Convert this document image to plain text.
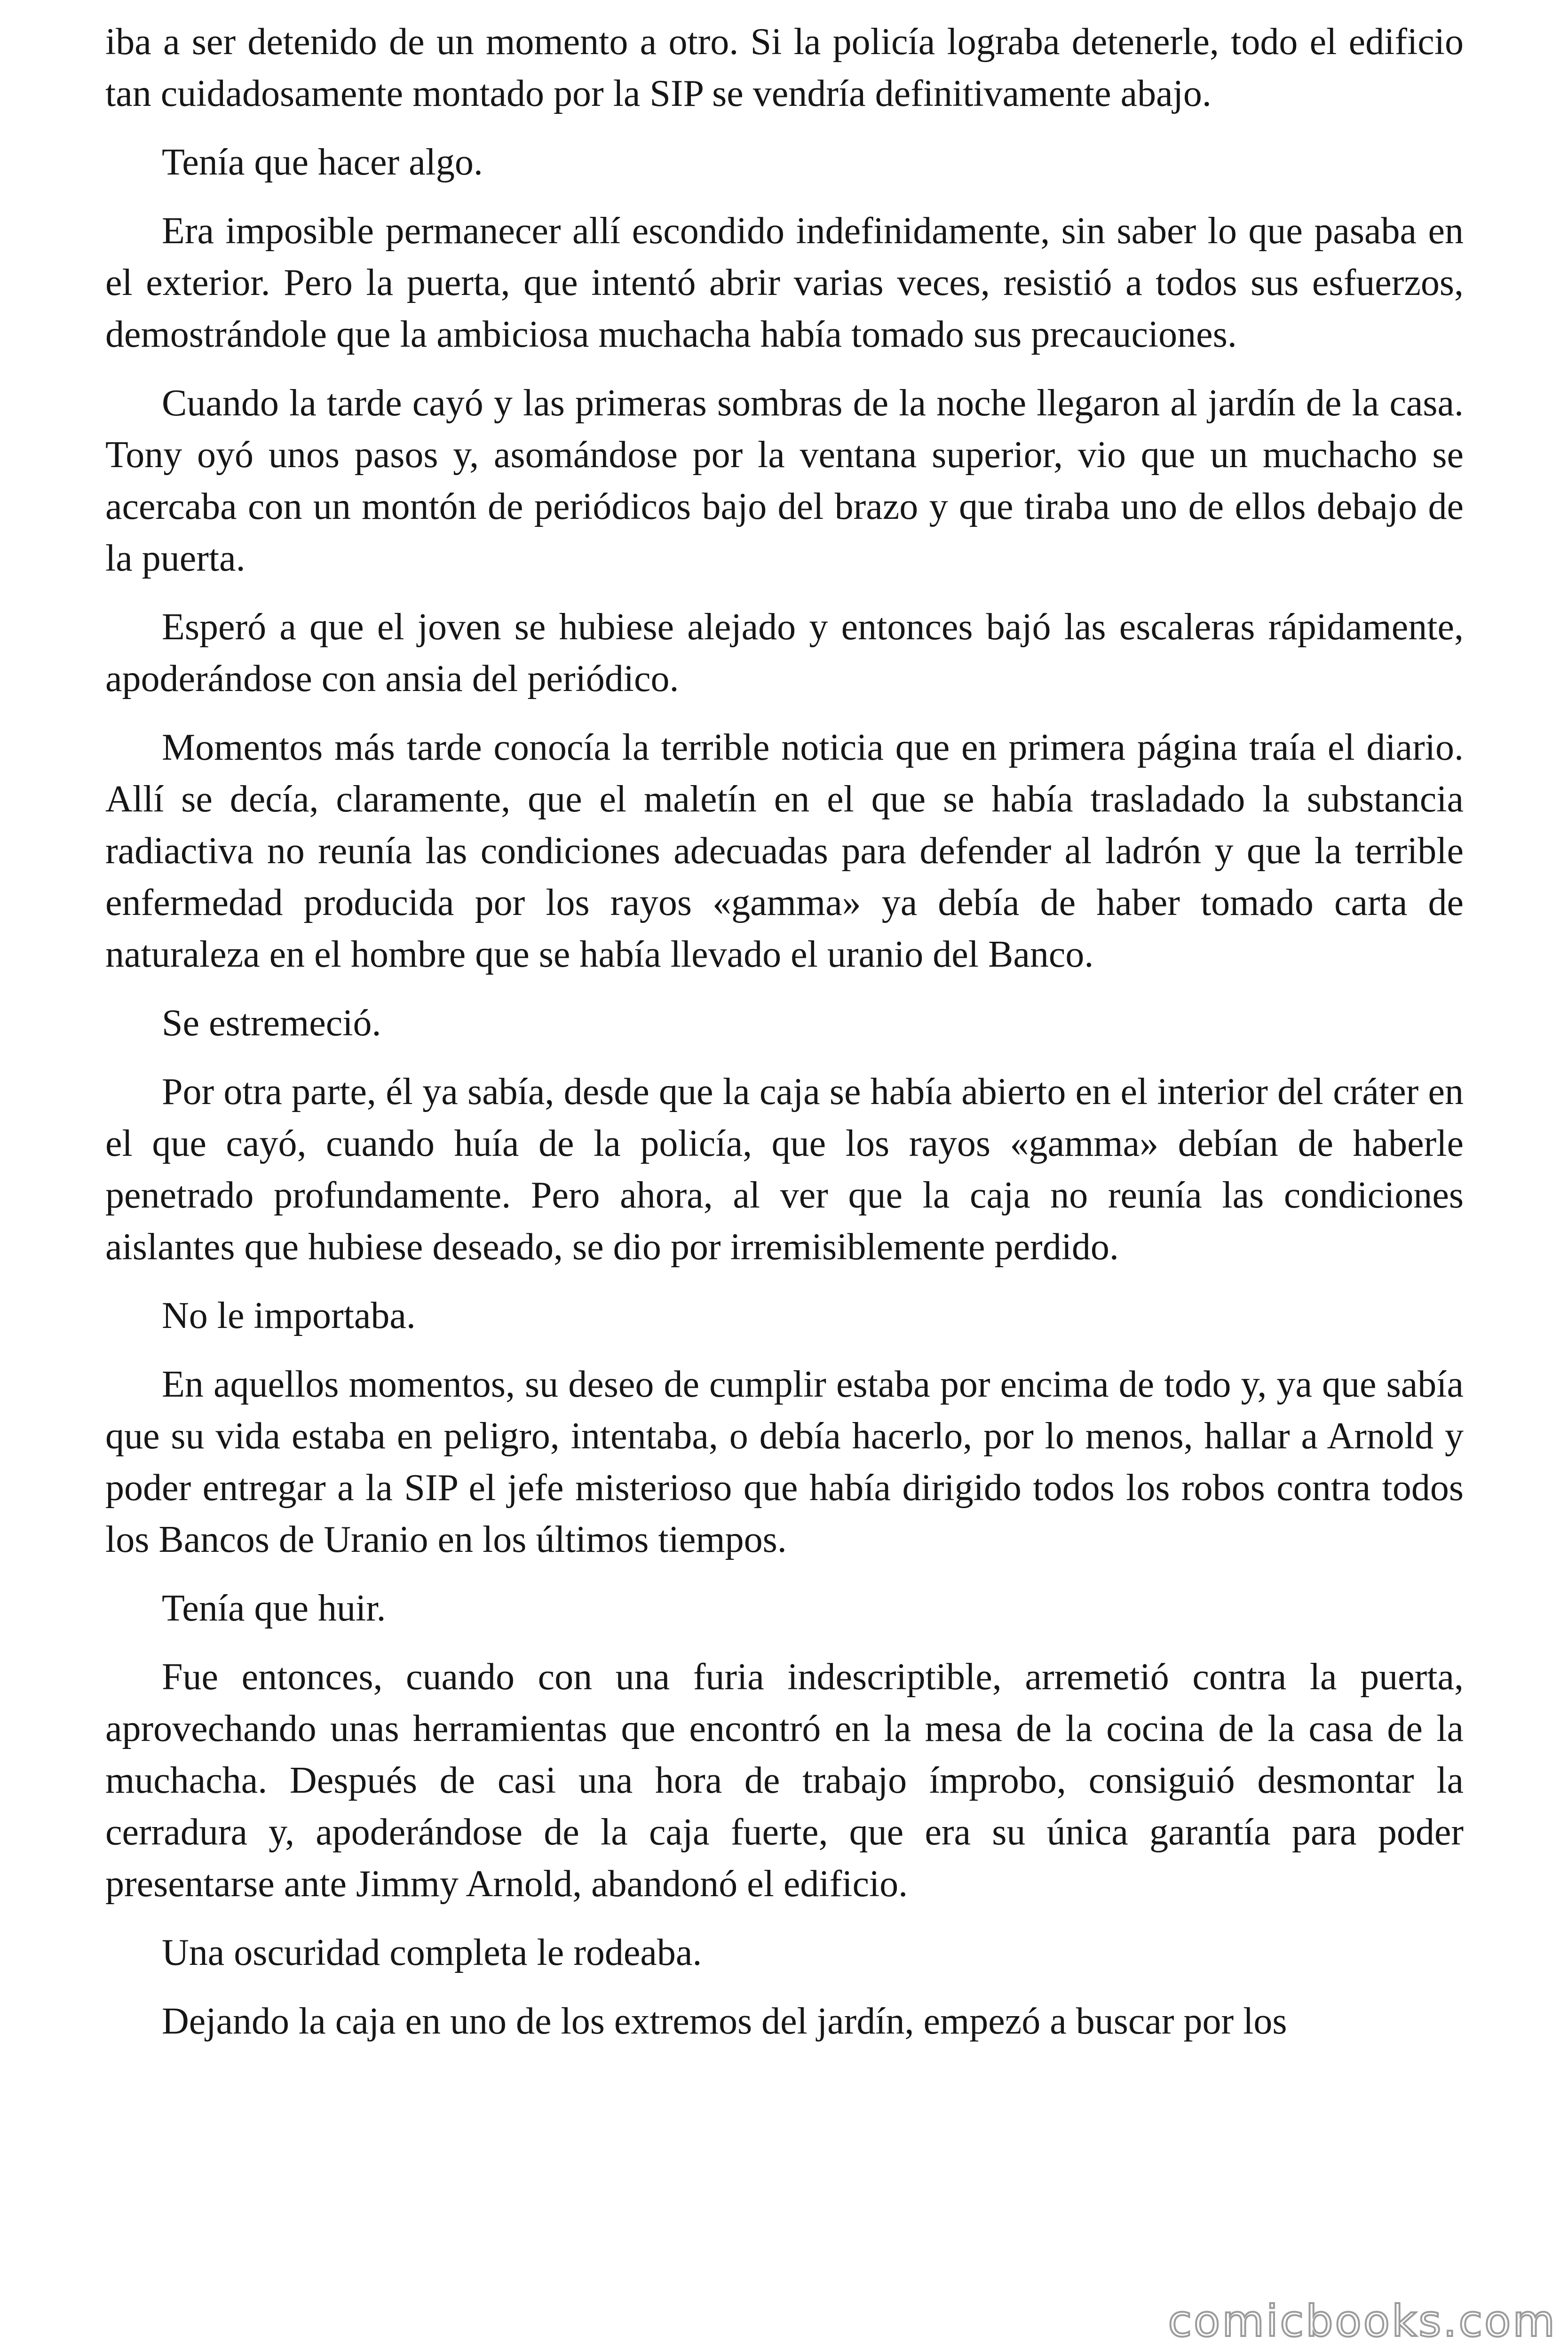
iba a ser detenido de un momento a otro. Si la policía lograba detenerle, todo el edificio tan cuidadosamente montado por la SIP se vendría definitivamente abajo.

Tenía que hacer algo.

Era imposible permanecer allí escondido indefinidamente, sin saber lo que pasaba en el exterior. Pero la puerta, que intentó abrir varias veces, resistió a todos sus esfuerzos, demostrándole que la ambiciosa muchacha había tomado sus precauciones.

Cuando la tarde cayó y las primeras sombras de la noche llegaron al jardín de la casa. Tony oyó unos pasos y, asomándose por la ventana superior, vio que un muchacho se acercaba con un montón de periódicos bajo del brazo y que tiraba uno de ellos debajo de la puerta.

Esperó a que el joven se hubiese alejado y entonces bajó las escaleras rápidamente, apoderándose con ansia del periódico.

Momentos más tarde conocía la terrible noticia que en primera página traía el diario. Allí se decía, claramente, que el maletín en el que se había trasladado la substancia radiactiva no reunía las condiciones adecuadas para defender al ladrón y que la terrible enfermedad producida por los rayos «gamma» ya debía de haber tomado carta de naturaleza en el hombre que se había llevado el uranio del Banco.

Se estremeció.

Por otra parte, él ya sabía, desde que la caja se había abierto en el interior del cráter en el que cayó, cuando huía de la policía, que los rayos «gamma» debían de haberle penetrado profundamente. Pero ahora, al ver que la caja no reunía las condiciones aislantes que hubiese deseado, se dio por irremisiblemente perdido.

No le importaba.

En aquellos momentos, su deseo de cumplir estaba por encima de todo y, ya que sabía que su vida estaba en peligro, intentaba, o debía hacerlo, por lo menos, hallar a Arnold y poder entregar a la SIP el jefe misterioso que había dirigido todos los robos contra todos los Bancos de Uranio en los últimos tiempos.

Tenía que huir.

Fue entonces, cuando con una furia indescriptible, arremetió contra la puerta, aprovechando unas herramientas que encontró en la mesa de la cocina de la casa de la muchacha. Después de casi una hora de trabajo ímprobo, consiguió desmontar la cerradura y, apoderándose de la caja fuerte, que era su única garantía para poder presentarse ante Jimmy Arnold, abandonó el edificio.

Una oscuridad completa le rodeaba.

Dejando la caja en uno de los extremos del jardín, empezó a buscar por los

comicbooks.com
